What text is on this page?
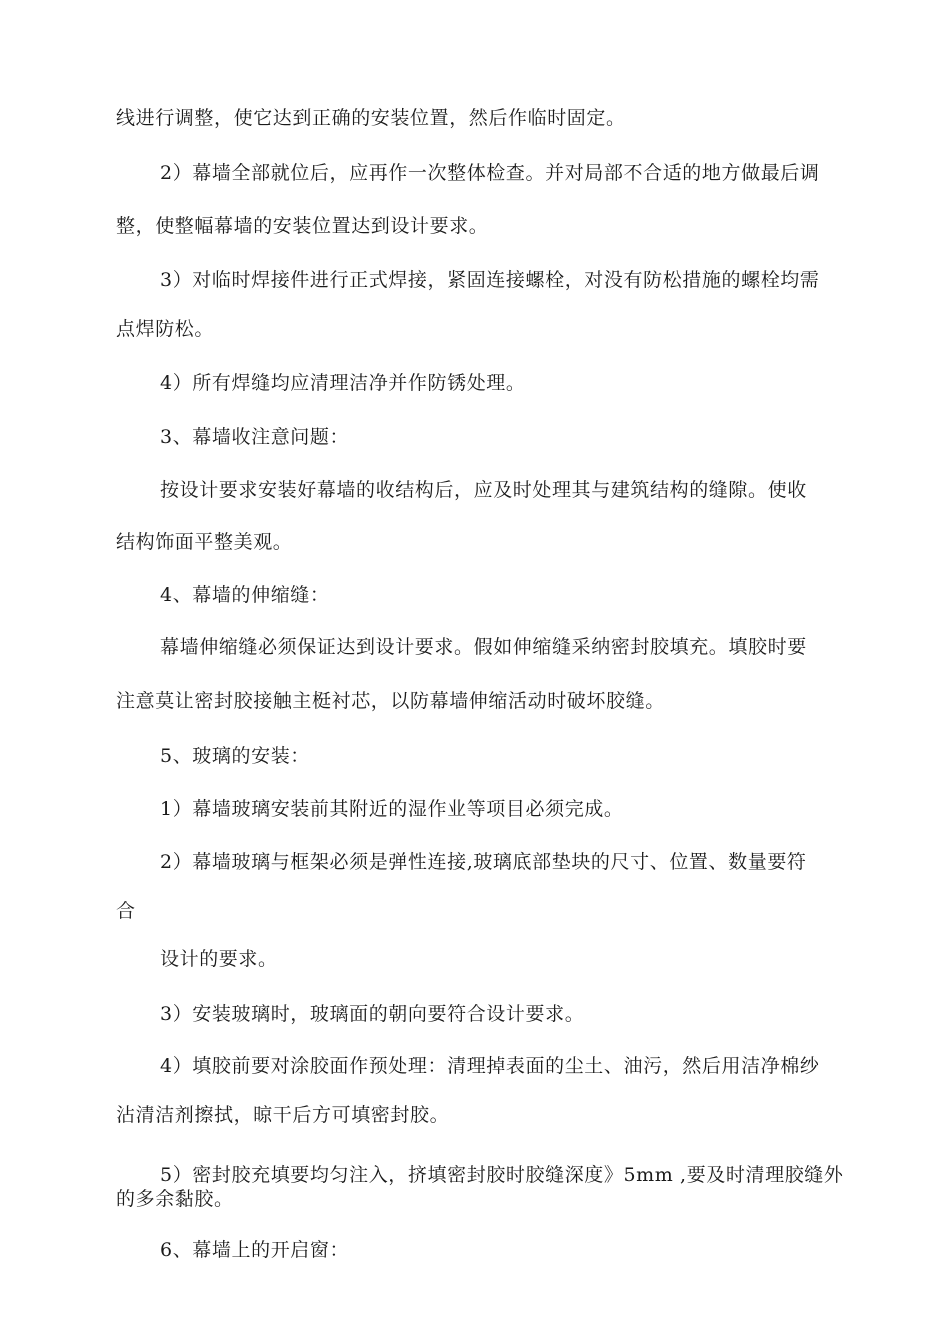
线进行调整，使它达到正确的安装位置，然后作临时固定。
2）幕墙全部就位后，应再作一次整体检查。并对局部不合适的地方做最后调
整，使整幅幕墙的安装位置达到设计要求。
3）对临时焊接件进行正式焊接，紧固连接螺栓，对没有防松措施的螺栓均需
点焊防松。
4）所有焊缝均应清理洁净并作防锈处理。
3、幕墙收注意问题：
按设计要求安装好幕墙的收结构后，应及时处理其与建筑结构的缝隙。使收
结构饰面平整美观。
4、幕墙的伸缩缝：
幕墙伸缩缝必须保证达到设计要求。假如伸缩缝采纳密封胶填充。填胶时要
注意莫让密封胶接触主梃衬芯，以防幕墙伸缩活动时破坏胶缝。
5、玻璃的安装：
1）幕墙玻璃安装前其附近的湿作业等项目必须完成。
2）幕墙玻璃与框架必须是弹性连接,玻璃底部垫块的尺寸、位置、数量要符
合
设计的要求。
3）安装玻璃时，玻璃面的朝向要符合设计要求。
4）填胶前要对涂胶面作预处理：清理掉表面的尘土、油污，然后用洁净棉纱
沾清洁剂擦拭，晾干后方可填密封胶。
5）密封胶充填要均匀注入，挤填密封胶时胶缝深度》5mm ,要及时清理胶缝外的多余黏胶。
6、幕墙上的开启窗：
